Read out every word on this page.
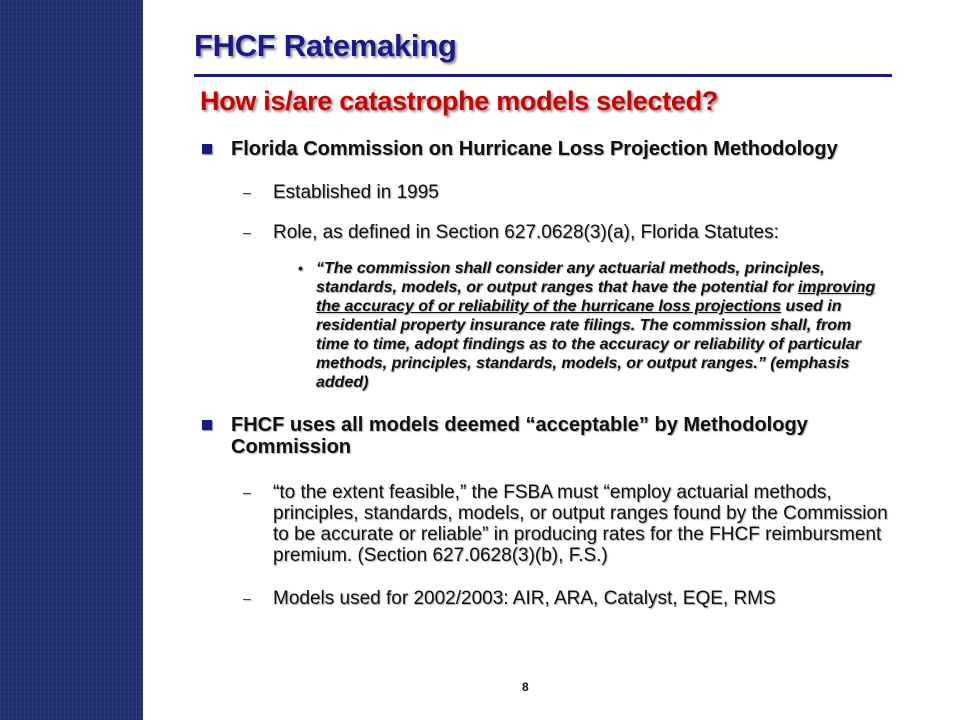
FHCF Ratemaking
How is/are catastrophe models selected?
Florida Commission on Hurricane Loss Projection Methodology
– Established in 1995
– Role, as defined in Section 627.0628(3)(a), Florida Statutes:
• “The commission shall consider any actuarial methods, principles, standards, models, or output ranges that have the potential for improving the accuracy of or reliability of the hurricane loss projections used in residential property insurance rate filings. The commission shall, from time to time, adopt findings as to the accuracy or reliability of particular methods, principles, standards, models, or output ranges.” (emphasis added)
FHCF uses all models deemed “acceptable” by Methodology Commission
– “to the extent feasible,” the FSBA must “employ actuarial methods, principles, standards, models, or output ranges found by the Commission to be accurate or reliable” in producing rates for the FHCF reimbursment premium. (Section 627.0628(3)(b), F.S.)
– Models used for 2002/2003: AIR, ARA, Catalyst, EQE, RMS
8
